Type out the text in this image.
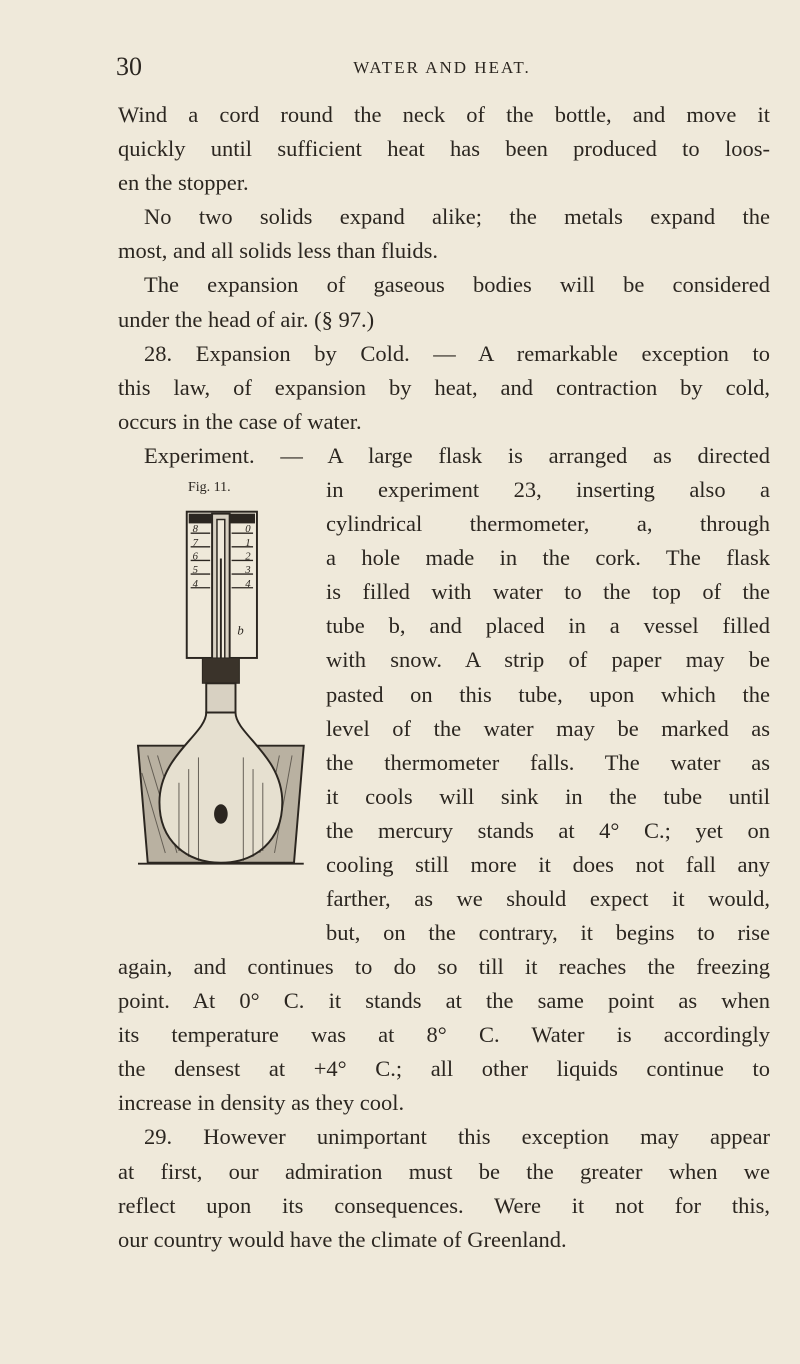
30	WATER AND HEAT.
Wind a cord round the neck of the bottle, and move it
quickly until sufficient heat has been produced to loos-
en the stopper.
No two solids expand alike; the metals expand the
most, and all solids less than fluids.
The expansion of gaseous bodies will be considered
under the head of air. (§ 97.)
28. Expansion by Cold. — A remarkable exception to
this law, of expansion by heat, and contraction by cold,
occurs in the case of water.
Experiment. — A large flask is arranged as directed
in experiment 23, inserting also a
cylindrical thermometer, a, through
a hole made in the cork. The flask
is filled with water to the top of the
tube b, and placed in a vessel filled
with snow. A strip of paper may be
pasted on this tube, upon which the
level of the water may be marked as
the thermometer falls. The water as
it cools will sink in the tube until
the mercury stands at 4° C.; yet on
cooling still more it does not fall any
farther, as we should expect it would,
but, on the contrary, it begins to rise
again, and continues to do so till it reaches the freezing
point. At 0° C. it stands at the same point as when
its temperature was at 8° C. Water is accordingly
the densest at +4° C.; all other liquids continue to
increase in density as they cool.
29. However unimportant this exception may appear
at first, our admiration must be the greater when we
reflect upon its consequences. Were it not for this,
our country would have the climate of Greenland.
Fig. 11.
8
7
6
5
4
0
1
2
3
4
b
